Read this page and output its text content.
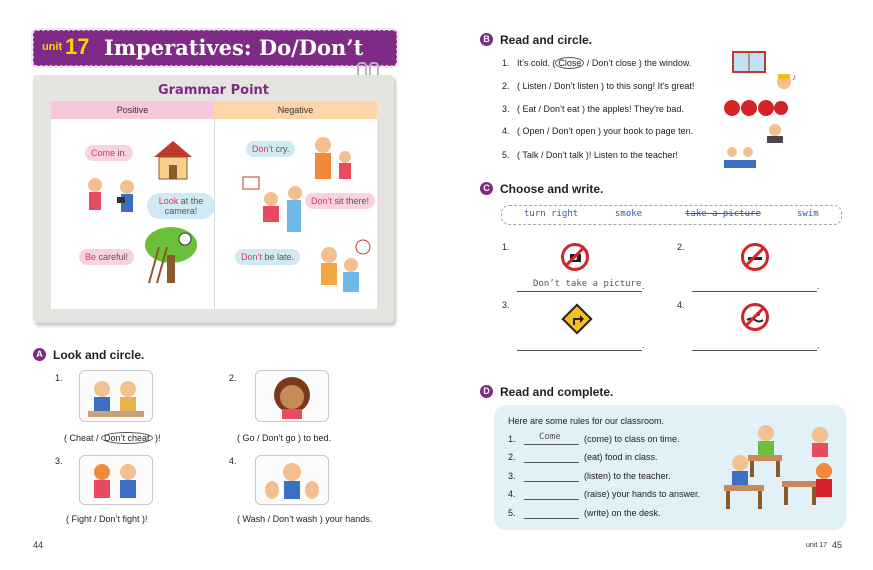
unit 17 Imperatives: Do/Don’t
Grammar Point
Positive	Negative
Come in.
Look at the camera!
Be careful!
Don’t cry.
Don’t sit there!
Don’t be late.
A Look and circle.
1.
( Cheat / Don’t cheat )!
2.
( Go / Don’t go ) to bed.
3.
( Fight / Don’t fight )!
4.
( Wash / Don’t wash ) your hands.
44
B Read and circle.
1. It’s cold. ( Close / Don’t close ) the window.
2. ( Listen / Don’t listen ) to this song! It’s great!
♪
3. ( Eat / Don’t eat ) the apples! They’re bad.
4. ( Open / Don’t open ) your book to page ten.
5. ( Talk / Don’t talk )! Listen to the teacher!
C Choose and write.
turn right	smoke	take a picture	swim
1.
Don’t take a picture .
2.
.
3.
.
4.
.
D Read and complete.
Here are some rules for our classroom.
1.	Come	(come) to class on time.
2.	(eat) food in class.
3.	(listen) to the teacher.
4.	(raise) your hands to answer.
5.	(write) on the desk.
unit 17 45
